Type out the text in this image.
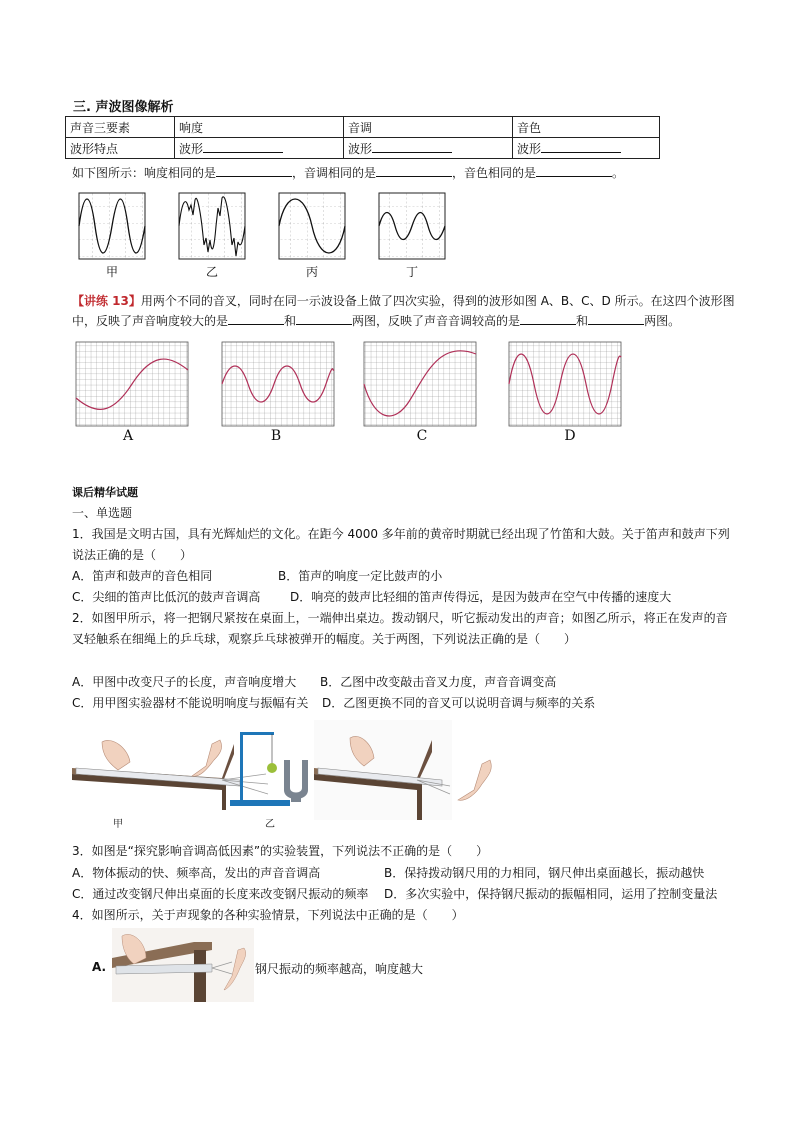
三. 声波图像解析
声音三要素	响度	音调	音色
波形特点	波形	波形	波形
如下图所示：响度相同的是	，音调相同的是	，音色相同的是	。
甲	乙	丙	丁
【讲练 13】用两个不同的音叉，同时在同一示波设备上做了四次实验，得到的波形如图 A、B、C、D 所示。在这四个波形图
中，反映了声音响度较大的是	和	两图，反映了声音音调较高的是	和	两图。
A	B	C	D
课后精华试题
一、单选题
1．我国是文明古国，具有光辉灿烂的文化。在距今 4000 多年前的黄帝时期就已经出现了竹笛和大鼓。关于笛声和鼓声下列
说法正确的是（　　）
A．笛声和鼓声的音色相同	B．笛声的响度一定比鼓声的小
C．尖细的笛声比低沉的鼓声音调高 D．响亮的鼓声比轻细的笛声传得远，是因为鼓声在空气中传播的速度大
2．如图甲所示，将一把钢尺紧按在桌面上，一端伸出桌边。拨动钢尺，听它振动发出的声音；如图乙所示，将正在发声的音
叉轻触系在细绳上的乒乓球，观察乒乓球被弹开的幅度。关于两图，下列说法正确的是（　　）
A．甲图中改变尺子的长度，声音响度增大 B．乙图中改变敲击音叉力度，声音音调变高
C．用甲图实验器材不能说明响度与振幅有关 D．乙图更换不同的音叉可以说明音调与频率的关系
甲	乙
3．如图是“探究影响音调高低因素”的实验装置，下列说法不正确的是（　　）
A．物体振动的快、频率高，发出的声音音调高	B．保持拨动钢尺用的力相同，钢尺伸出桌面越长，振动越快
C．通过改变钢尺伸出桌面的长度来改变钢尺振动的频率 D．多次实验中，保持钢尺振动的振幅相同，运用了控制变量法
4．如图所示，关于声现象的各种实验情景，下列说法中正确的是（　　）
A.	钢尺振动的频率越高，响度越大
